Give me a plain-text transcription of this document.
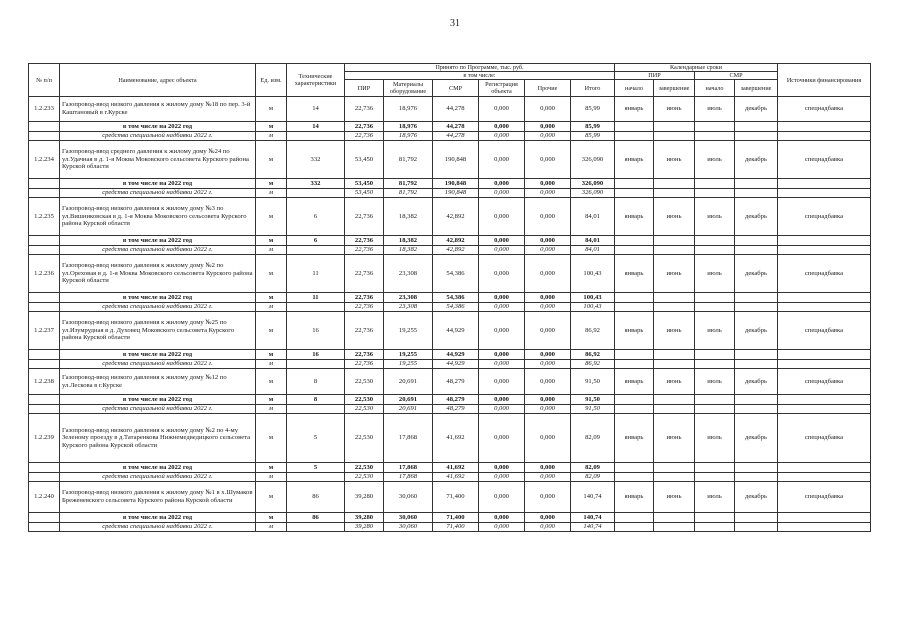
31
№ п/п	Наименование, адрес объекта	Ед. изм.	Технические характеристики	Принято по Программе, тыс. руб.						Календарные сроки				Источники финансирования
				в том числе:						ПИР		СМР		
				ПИР	Материалы оборудование	СМР	Регистрация объекта	Прочие	Итого	начало	завершение	начало	завершение	
1.2.233	Газопровод-ввод низкого давления к жилому дому №18 по пер. 3-й Каштановый в г.Курске	м	14	22,736	18,976	44,278	0,000	0,000	85,99	январь	июнь	июль	декабрь	спецнадбавка
	в том числе на 2022 год	м	14	22,736	18,976	44,278	0,000	0,000	85,99					
	средства специальной надбавки 2022 г.	м		22,736	18,976	44,278	0,000	0,000	85,99					
1.2.234	Газопровод-ввод среднего давления к жилому дому №24 по ул.Удачная в д. 1-я Моква Моковского сельсовета Курского района Курской области	м	332	53,450	81,792	190,848	0,000	0,000	326,090	январь	июнь	июль	декабрь	спецнадбавка
	в том числе на 2022 год	м	332	53,450	81,792	190,848	0,000	0,000	326,090					
	средства специальной надбавки 2022 г.	м		53,450	81,792	190,848	0,000	0,000	326,090					
1.2.235	Газопровод-ввод низкого давления к жилому дому №3 по ул.Вишниковская в д. 1-я Моква Моковского сельсовета Курского района Курской области	м	6	22,736	18,382	42,892	0,000	0,000	84,01	январь	июнь	июль	декабрь	спецнадбавка
	в том числе на 2022 год	м	6	22,736	18,382	42,892	0,000	0,000	84,01					
	средства специальной надбавки 2022 г.	м		22,736	18,382	42,892	0,000	0,000	84,01					
1.2.236	Газопровод-ввод низкого давления к жилому дому №2 по ул.Ореховая в д. 1-я Моква Моковского сельсовета Курского района Курской области	м	11	22,736	23,308	54,386	0,000	0,000	100,43	январь	июнь	июль	декабрь	спецнадбавка
	в том числе на 2022 год	м	11	22,736	23,308	54,386	0,000	0,000	100,43					
	средства специальной надбавки 2022 г.	м		22,736	23,308	54,386	0,000	0,000	100,43					
1.2.237	Газопровод-ввод низкого давления к жилому дому №25 по ул.Изумрудная в д. Духовец Моковского сельсовета Курского района Курской области	м	16	22,736	19,255	44,929	0,000	0,000	86,92	январь	июнь	июль	декабрь	спецнадбавка
	в том числе на 2022 год	м	16	22,736	19,255	44,929	0,000	0,000	86,92					
	средства специальной надбавки 2022 г.	м		22,736	19,255	44,929	0,000	0,000	86,92					
1.2.238	Газопровод-ввод низкого давления к жилому дому №12 по ул.Лескова в г.Курске	м	8	22,530	20,691	48,279	0,000	0,000	91,50	январь	июнь	июль	декабрь	спецнадбавка
	в том числе на 2022 год	м	8	22,530	20,691	48,279	0,000	0,000	91,50					
	средства специальной надбавки 2022 г.	м		22,530	20,691	48,279	0,000	0,000	91,50					
1.2.239	Газопровод-ввод низкого давления к жилому дому №2 по 4-му Зеленому проезду в д.Татаренкова Нижнемедведицкого сельсовета Курского района Курской области	м	5	22,530	17,868	41,692	0,000	0,000	82,09	январь	июнь	июль	декабрь	спецнадбавка
	в том числе на 2022 год	м	5	22,530	17,868	41,692	0,000	0,000	82,09					
	средства специальной надбавки 2022 г.	м		22,530	17,868	41,692	0,000	0,000	82,09					
1.2.240	Газопровод-ввод низкого давления к жилому дому №1 в х.Шумаков Бреженевского сельсовета Курского района Курской области	м	86	39,280	30,060	71,400	0,000	0,000	140,74	январь	июнь	июль	декабрь	спецнадбавка
	в том числе на 2022 год	м	86	39,280	30,060	71,400	0,000	0,000	140,74					
	средства специальной надбавки 2022 г.	м		39,280	30,060	71,400	0,000	0,000	140,74					
